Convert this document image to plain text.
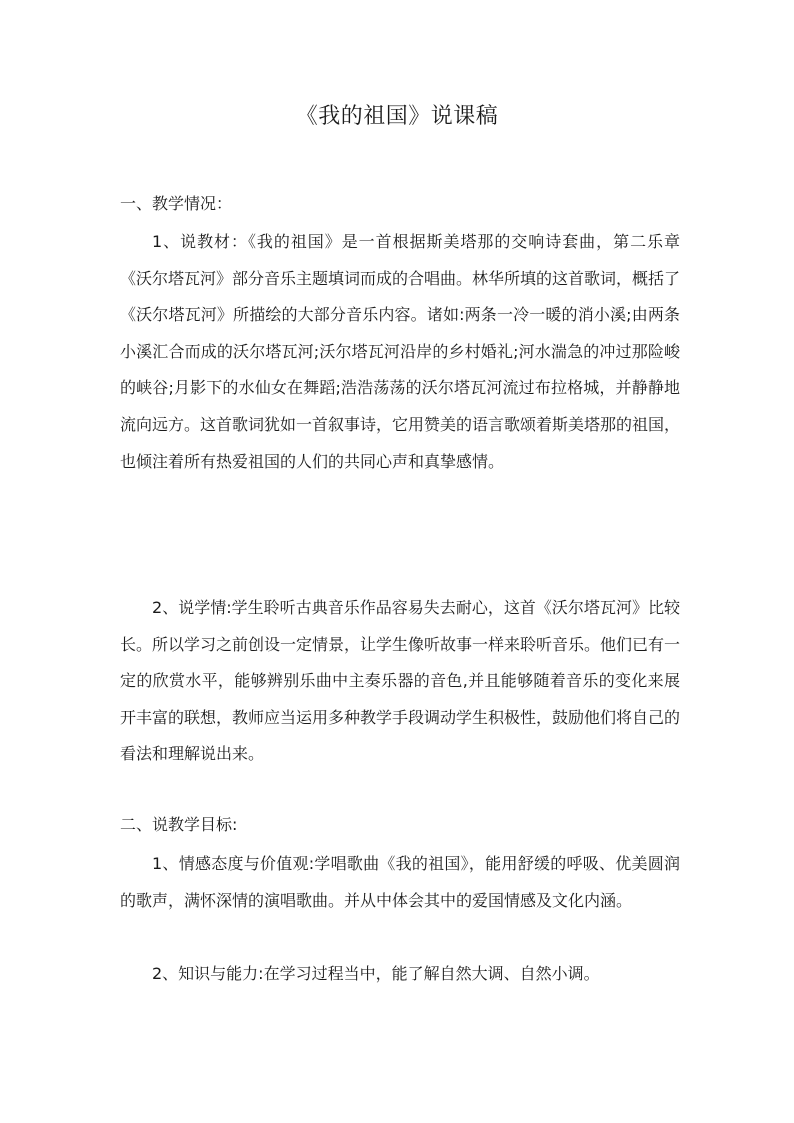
《我的祖国》说课稿
一、教学情况：

1、说教材：《我的祖国》是一首根据斯美塔那的交响诗套曲，第二乐章《沃尔塔瓦河》部分音乐主题填词而成的合唱曲。林华所填的这首歌词，概括了《沃尔塔瓦河》所描绘的大部分音乐内容。诸如:两条一冷一暖的消小溪;由两条小溪汇合而成的沃尔塔瓦河;沃尔塔瓦河沿岸的乡村婚礼;河水湍急的冲过那险峻的峡谷;月影下的水仙女在舞蹈;浩浩荡荡的沃尔塔瓦河流过布拉格城，并静静地流向远方。这首歌词犹如一首叙事诗，它用赞美的语言歌颂着斯美塔那的祖国，也倾注着所有热爱祖国的人们的共同心声和真挚感情。

2、说学情:学生聆听古典音乐作品容易失去耐心，这首《沃尔塔瓦河》比较长。所以学习之前创设一定情景，让学生像听故事一样来聆听音乐。他们已有一定的欣赏水平，能够辨别乐曲中主奏乐器的音色,并且能够随着音乐的变化来展开丰富的联想，教师应当运用多种教学手段调动学生积极性，鼓励他们将自己的看法和理解说出来。

二、说教学目标:

1、情感态度与价值观:学唱歌曲《我的祖国》，能用舒缓的呼吸、优美圆润的歌声，满怀深情的演唱歌曲。并从中体会其中的爱国情感及文化内涵。

2、知识与能力:在学习过程当中，能了解自然大调、自然小调。
